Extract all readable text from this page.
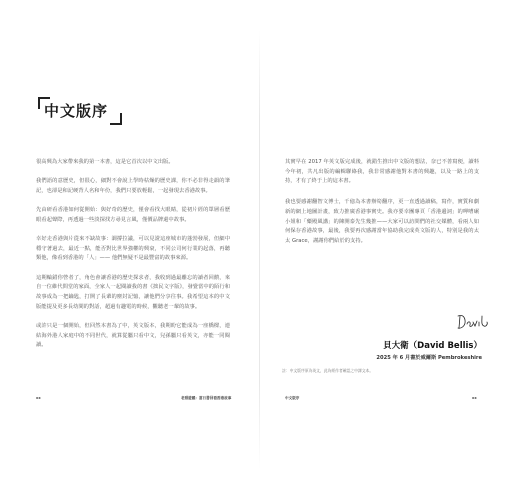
中文版序

很高興為大家帶來我的第一本書，這是它首次以中文出版。

我們語的意歷史，但很心，細對不會說上學時枯燥的歷史課，你不必非得走韻的筆記，也卻是和記硬背人名和年份，我們只要放輕鬆，一起發現去香港故事。

先由研看香港如何從開始：與好奇的歷史，僅會看找大眼睛，從初片經的眾層看歷眼看起聲際，再透過一些淡探找方尋見言風，僅價品牌還中故事。

幸好走香港與片從來不缺故事：調撐拉議，可以見證這座城市的蓬勃發展，但細中穩守著過去，最近一點，能否對比世界強權的興衰，不同公司何行業的起落，再聽類他，像看到香港的「人」—— 他們無疑不是最豐富的故事來源。

這期輪錯你營者了，角色會讓香港的歷史探求者，我收到過最離忘的讀者回饋，來自一位維代問堂的家面，全家人一起閱讀我的書《拙民文字版》，發覺當中的陌行和故事成為一把鑰匙，打開了長輩的塵封記憶，讓他們分享往事。我希望這本的中文版能提及更多長幼間的對話，超過有趣電的時候，觀聽老一輩的故事。

或許只是一個開始，但回然本書為了中，英文版本，我期盼它能成為一座橋樑，連結海外港人家庭中的不同世代，就算從屬只看中文，兒孫屬只看英文，亦能一同閱讀。

其實早在 2017 年英文版完成後，就錯生推出中文版的想法，奈已不善寫便，讀料今年初，共凡出版的編輯聯絡我，我非常感謝他對本書的興趣，以及一路上的支持，才有了終于上的這本書。

我也要感謝翻智文博士，千億為本書辦筍翻序，更一直透過讀稿，寫作，實質和劇新的網上地圖計畫，致力推廣香港事實史。我亦要幸團專頁「香港邊詞」的呷嘈碾小姐和「藥殿風講」的陳開泰先生幾推——大家可以訪問們的社交媒體，看兩人如何保存香港故事，最後，我要再次感謝當年協助我完成英文版的人，特別是我的太太 Grace，謝謝你們給於的支持。

貝大衛（David Bellis）
2025 年 6 月書於威爾斯 Pembrokeshire
註：中文版序原為英文，此為經作者確認之中譯文本。
xx	老照遊蹤：當日書回看香港故事	中文版序	xx
